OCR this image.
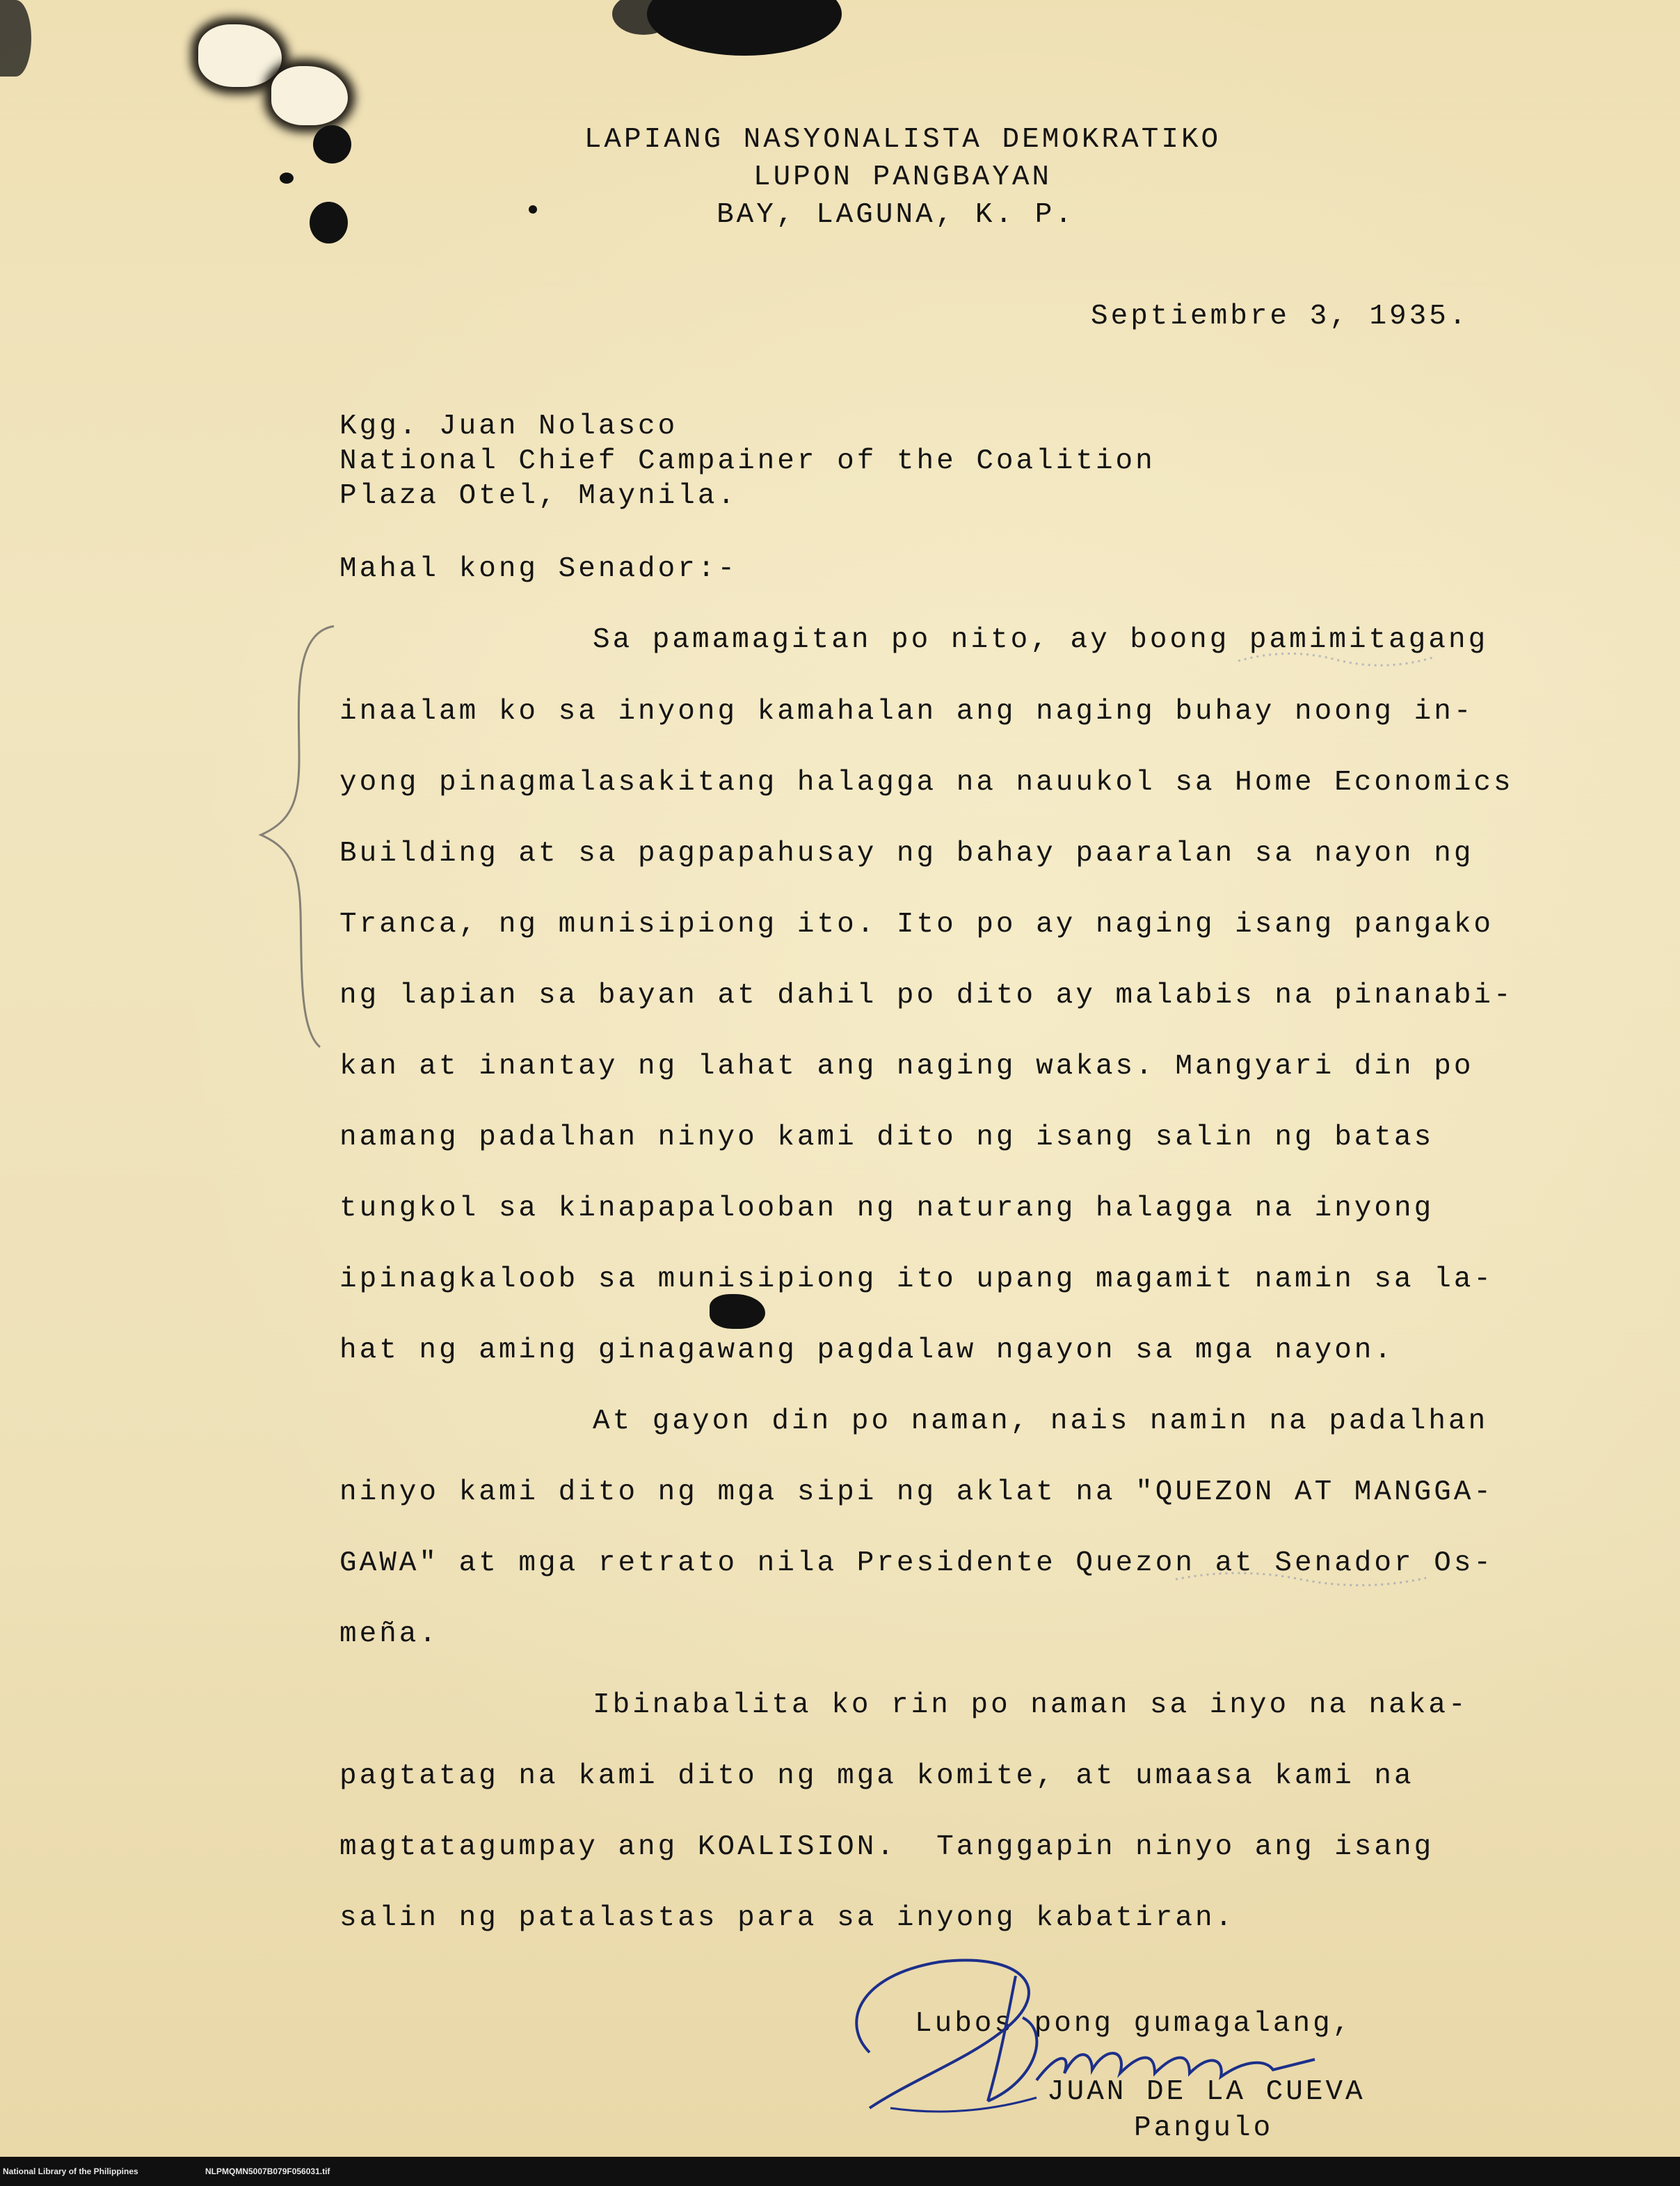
LAPIANG NASYONALISTA DEMOKRATIKO
LUPON PANGBAYAN
BAY, LAGUNA, K. P.
Septiembre 3, 1935.
Kgg. Juan Nolasco
National Chief Campainer of the Coalition
Plaza Otel, Maynila.
Mahal kong Senador:-
Sa pamamagitan po nito, ay boong pamimitagang
inaalam ko sa inyong kamahalan ang naging buhay noong in-
yong pinagmalasakitang halagga na nauukol sa Home Economics
Building at sa pagpapahusay ng bahay paaralan sa nayon ng
Tranca, ng munisipiong ito. Ito po ay naging isang pangako
ng lapian sa bayan at dahil po dito ay malabis na pinanabi-
kan at inantay ng lahat ang naging wakas. Mangyari din po
namang padalhan ninyo kami dito ng isang salin ng batas
tungkol sa kinapapalooban ng naturang halagga na inyong
ipinagkaloob sa munisipiong ito upang magamit namin sa la-
hat ng aming ginagawang pagdalaw ngayon sa mga nayon.
At gayon din po naman, nais namin na padalhan
ninyo kami dito ng mga sipi ng aklat na "QUEZON AT MANGGA-
GAWA" at mga retrato nila Presidente Quezon at Senador Os-
meña.
Ibinabalita ko rin po naman sa inyo na naka-
pagtatag na kami dito ng mga komite, at umaasa kami na
magtatagumpay ang KOALISION.  Tanggapin ninyo ang isang
salin ng patalastas para sa inyong kabatiran.
Lubos pong gumagalang,
JUAN DE LA CUEVA
Pangulo
National Library of the Philippines	NLPMQMN5007B079F056031.tif
